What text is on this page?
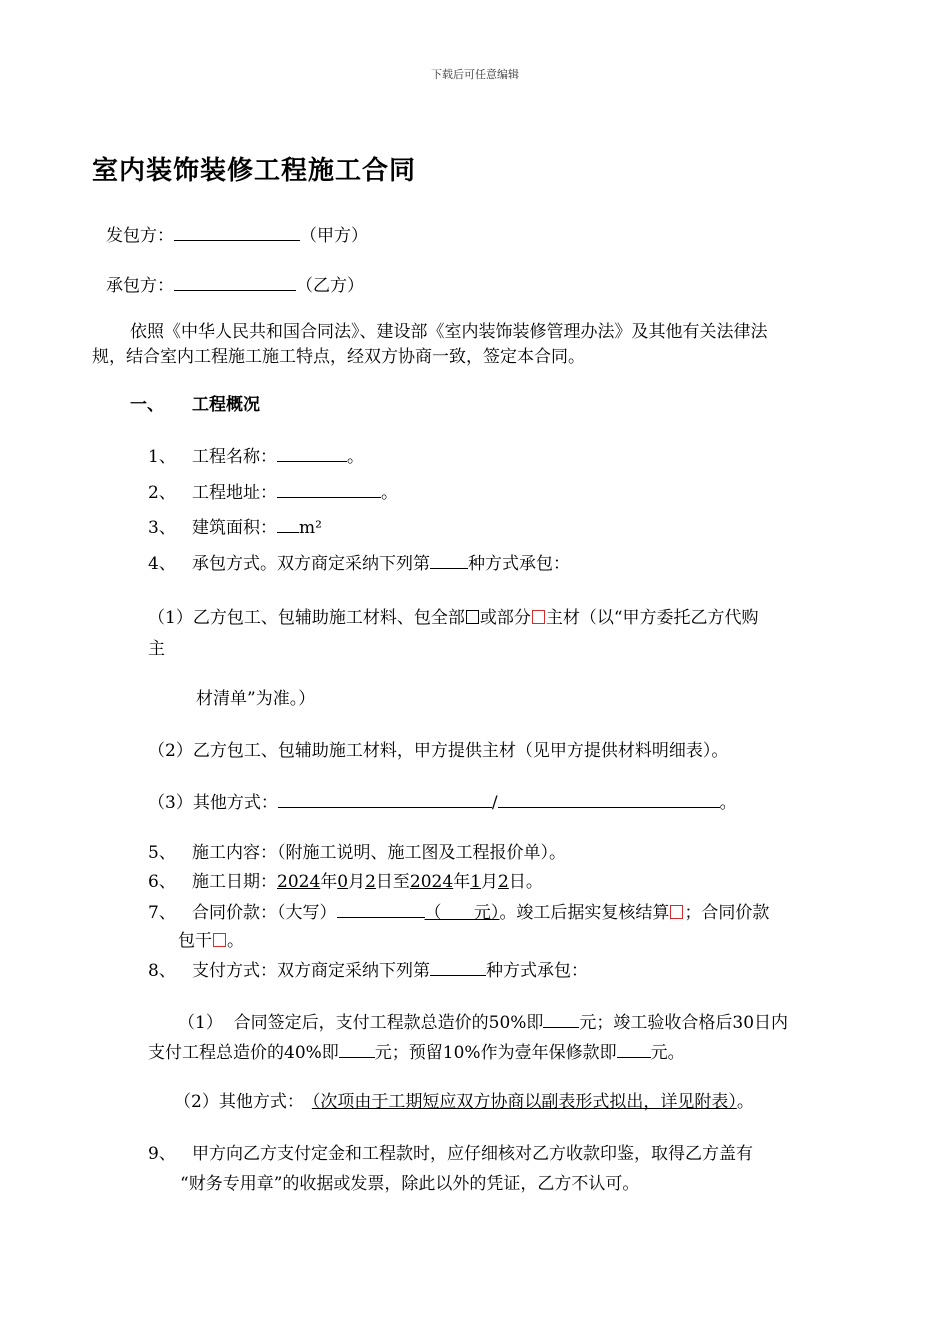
下载后可任意编辑
室内装饰装修工程施工合同
发包方：	（甲方）
承包方：	（乙方）
依照《中华人民共和国合同法》、建设部《室内装饰装修管理办法》及其他有关法律法
规，结合室内工程施工施工特点，经双方协商一致，签定本合同。
一、 工程概况
1、 工程名称：	。
2、 工程地址：	。
3、 建筑面积： m²
4、 承包方式。双方商定采纳下列第 种方式承包：
（1）乙方包工、包辅助施工材料、包全部 或部分 主材（以“甲方委托乙方代购
主
材清单”为准。）
（2）乙方包工、包辅助施工材料，甲方提供主材（见甲方提供材料明细表）。
（3）其他方式：	/	。
5、 施工内容：（附施工说明、施工图及工程报价单）。
6、 施工日期：2024年0月2日至2024年1月2日。
7、 合同价款：（大写）	（      元）。竣工后据实复核结算 ；合同价款
包干 。
8、 支付方式：双方商定采纳下列第	种方式承包：
（1）  合同签定后，支付工程款总造价的50%即 元；竣工验收合格后30日内
支付工程总造价的40%即 元；预留10%作为壹年保修款即 元。
（2）其他方式： （次项由于工期短应双方协商以副表形式拟出，详见附表）。
9、 甲方向乙方支付定金和工程款时，应仔细核对乙方收款印鉴，取得乙方盖有
“财务专用章”的收据或发票，除此以外的凭证，乙方不认可。
